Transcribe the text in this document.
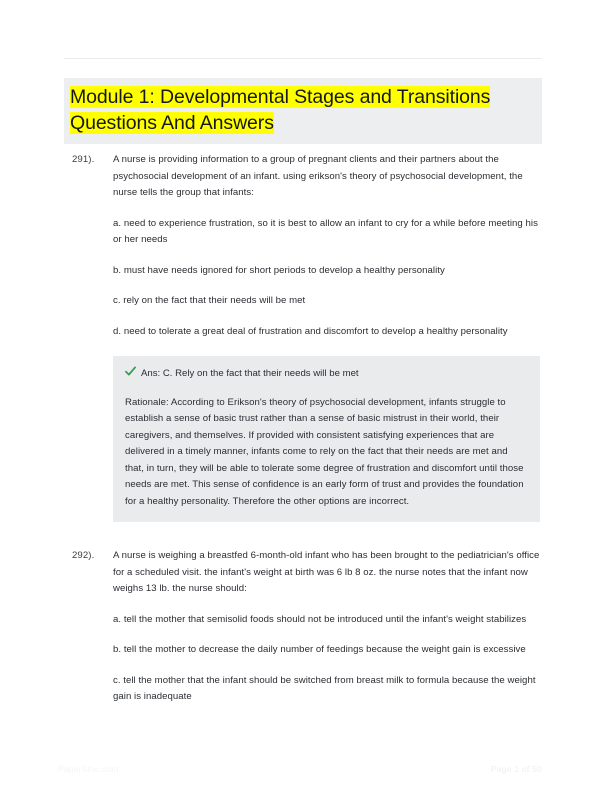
Module 1: Developmental Stages and Transitions Questions And Answers
291).	A nurse is providing information to a group of pregnant clients and their partners about the psychosocial development of an infant. using erikson's theory of psychosocial development, the nurse tells the group that infants:

a. need to experience frustration, so it is best to allow an infant to cry for a while before meeting his or her needs

b. must have needs ignored for short periods to develop a healthy personality

c. rely on the fact that their needs will be met

d. need to tolerate a great deal of frustration and discomfort to develop a healthy personality

Ans: C. Rely on the fact that their needs will be met

Rationale: According to Erikson's theory of psychosocial development, infants struggle to establish a sense of basic trust rather than a sense of basic mistrust in their world, their caregivers, and themselves. If provided with consistent satisfying experiences that are delivered in a timely manner, infants come to rely on the fact that their needs are met and that, in turn, they will be able to tolerate some degree of frustration and discomfort until those needs are met. This sense of confidence is an early form of trust and provides the foundation for a healthy personality. Therefore the other options are incorrect.

292).	A nurse is weighing a breastfed 6-month-old infant who has been brought to the pediatrician's office for a scheduled visit. the infant's weight at birth was 6 lb 8 oz. the nurse notes that the infant now weighs 13 lb. the nurse should:

a. tell the mother that semisolid foods should not be introduced until the infant's weight stabilizes

b. tell the mother to decrease the daily number of feedings because the weight gain is excessive

c. tell the mother that the infant should be switched from breast milk to formula because the weight gain is inadequate

PaperStoc.com	Page 1 of 50
